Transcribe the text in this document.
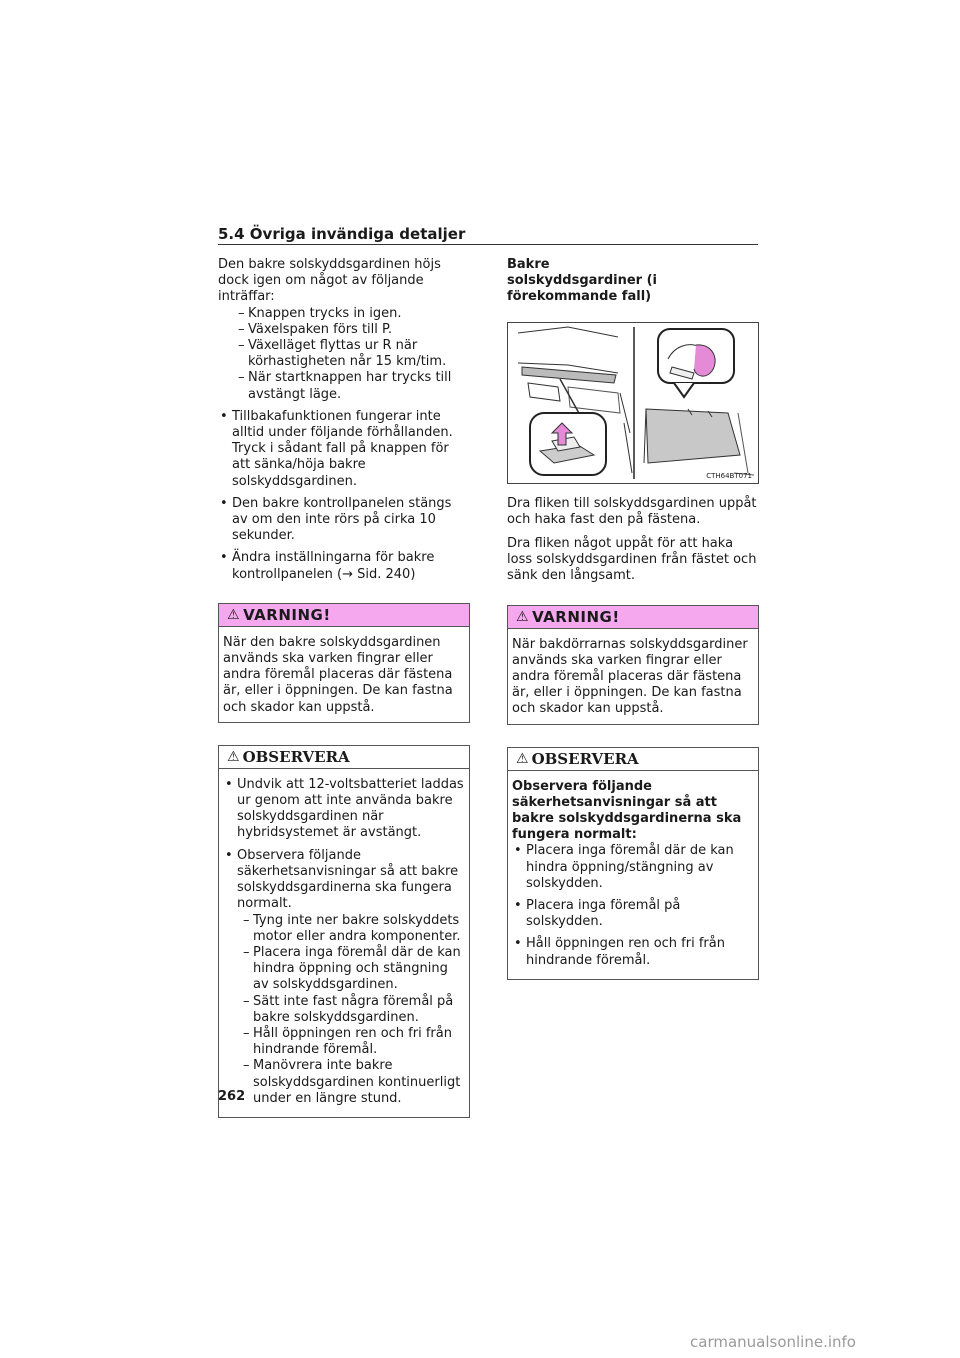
5.4 Övriga invändiga detaljer

Den bakre solskyddsgardinen höjs dock igen om något av följande inträffar:

– Knappen trycks in igen.
– Växelspaken förs till P.
– Växelläget flyttas ur R när körhastigheten når 15 km/tim.
– När startknappen har trycks till avstängt läge.
• Tillbakafunktionen fungerar inte alltid under följande förhållanden. Tryck i sådant fall på knappen för att sänka/höja bakre solskyddsgardinen.
• Den bakre kontrollpanelen stängs av om den inte rörs på cirka 10 sekunder.
• Ändra inställningarna för bakre kontrollpanelen (→ Sid. 240)
⚠ VARNING!

När den bakre solskyddsgardinen används ska varken fingrar eller andra föremål placeras där fästena är, eller i öppningen. De kan fastna och skador kan uppstå.

⚠ OBSERVERA
• Undvik att 12-voltsbatteriet laddas ur genom att inte använda bakre solskyddsgardinen när hybridsystemet är avstängt.
• Observera följande säkerhetsanvisningar så att bakre solskyddsgardinerna ska fungera normalt.
– Tyng inte ner bakre solskyddets motor eller andra komponenter.
– Placera inga föremål där de kan hindra öppning och stängning av solskyddsgardinen.
– Sätt inte fast några föremål på bakre solskyddsgardinen.
– Håll öppningen ren och fri från hindrande föremål.
– Manövrera inte bakre solskyddsgardinen kontinuerligt under en längre stund.

Bakre solskyddsgardiner (i förekommande fall)

CTH64BT071

Dra fliken till solskyddsgardinen uppåt och haka fast den på fästena.

Dra fliken något uppåt för att haka loss solskyddsgardinen från fästet och sänk den långsamt.

⚠ VARNING!

När bakdörrarnas solskyddsgardiner används ska varken fingrar eller andra föremål placeras där fästena är, eller i öppningen. De kan fastna och skador kan uppstå.

⚠ OBSERVERA

Observera följande säkerhetsanvisningar så att bakre solskyddsgardinerna ska fungera normalt:

• Placera inga föremål där de kan hindra öppning/stängning av solskydden.
• Placera inga föremål på solskydden.
• Håll öppningen ren och fri från hindrande föremål.
262
carmanualsonline.info
